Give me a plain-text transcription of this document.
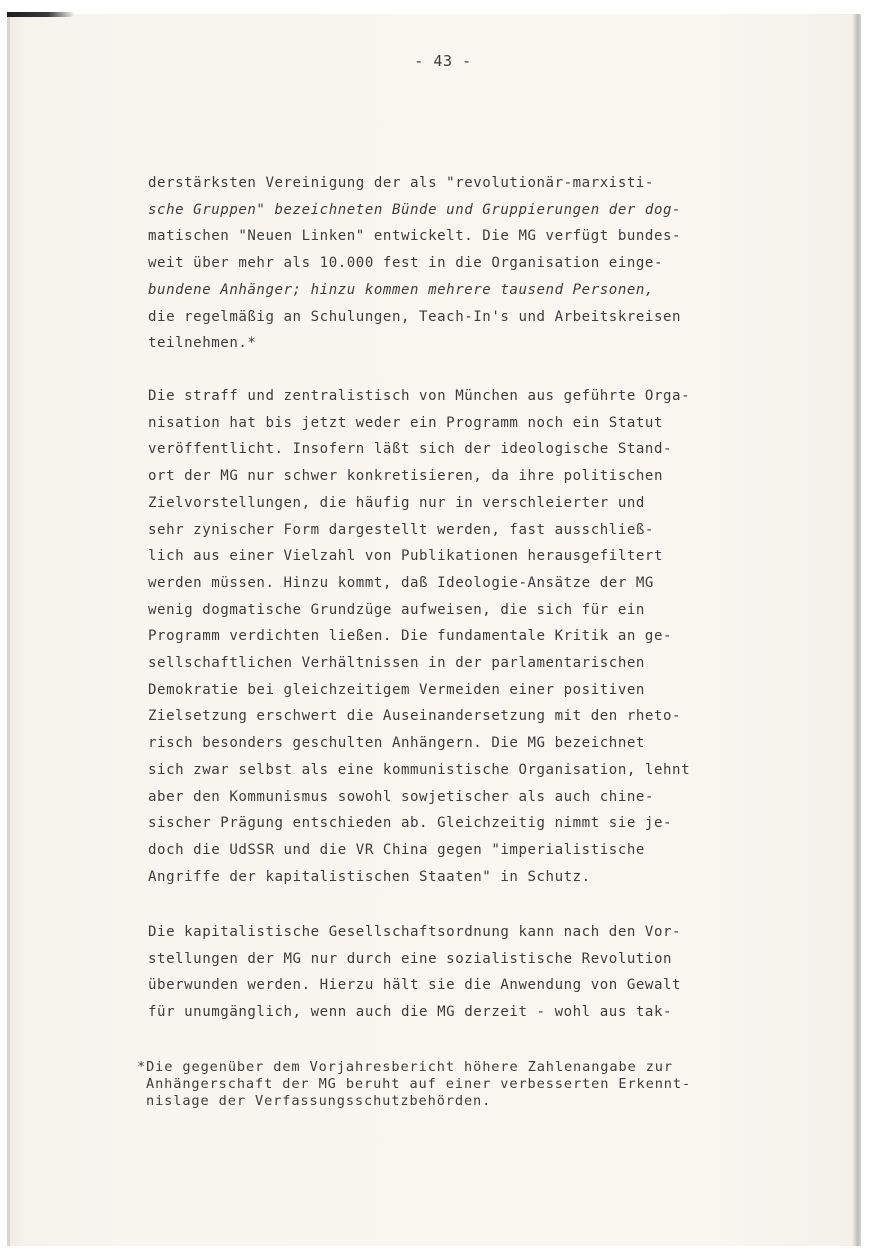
- 43 -
derstärksten Vereinigung der als "revolutionär-marxisti-
sche Gruppen" bezeichneten Bünde und Gruppierungen der dog-
matischen "Neuen Linken" entwickelt. Die MG verfügt bundes-
weit über mehr als 10.000 fest in die Organisation einge-
bundene Anhänger; hinzu kommen mehrere tausend Personen,
die regelmäßig an Schulungen, Teach-In's und Arbeitskreisen
teilnehmen.*
Die straff und zentralistisch von München aus geführte Orga-
nisation hat bis jetzt weder ein Programm noch ein Statut
veröffentlicht. Insofern läßt sich der ideologische Stand-
ort der MG nur schwer konkretisieren, da ihre politischen
Zielvorstellungen, die häufig nur in verschleierter und
sehr zynischer Form dargestellt werden, fast ausschließ-
lich aus einer Vielzahl von Publikationen herausgefiltert
werden müssen. Hinzu kommt, daß Ideologie-Ansätze der MG
wenig dogmatische Grundzüge aufweisen, die sich für ein
Programm verdichten ließen. Die fundamentale Kritik an ge-
sellschaftlichen Verhältnissen in der parlamentarischen
Demokratie bei gleichzeitigem Vermeiden einer positiven
Zielsetzung erschwert die Auseinandersetzung mit den rheto-
risch besonders geschulten Anhängern. Die MG bezeichnet
sich zwar selbst als eine kommunistische Organisation, lehnt
aber den Kommunismus sowohl sowjetischer als auch chine-
sischer Prägung entschieden ab. Gleichzeitig nimmt sie je-
doch die UdSSR und die VR China gegen "imperialistische
Angriffe der kapitalistischen Staaten" in Schutz.
Die kapitalistische Gesellschaftsordnung kann nach den Vor-
stellungen der MG nur durch eine sozialistische Revolution
überwunden werden. Hierzu hält sie die Anwendung von Gewalt
für unumgänglich, wenn auch die MG derzeit - wohl aus tak-
*Die gegenüber dem Vorjahresbericht höhere Zahlenangabe zur
Anhängerschaft der MG beruht auf einer verbesserten Erkennt-
nislage der Verfassungsschutzbehörden.
